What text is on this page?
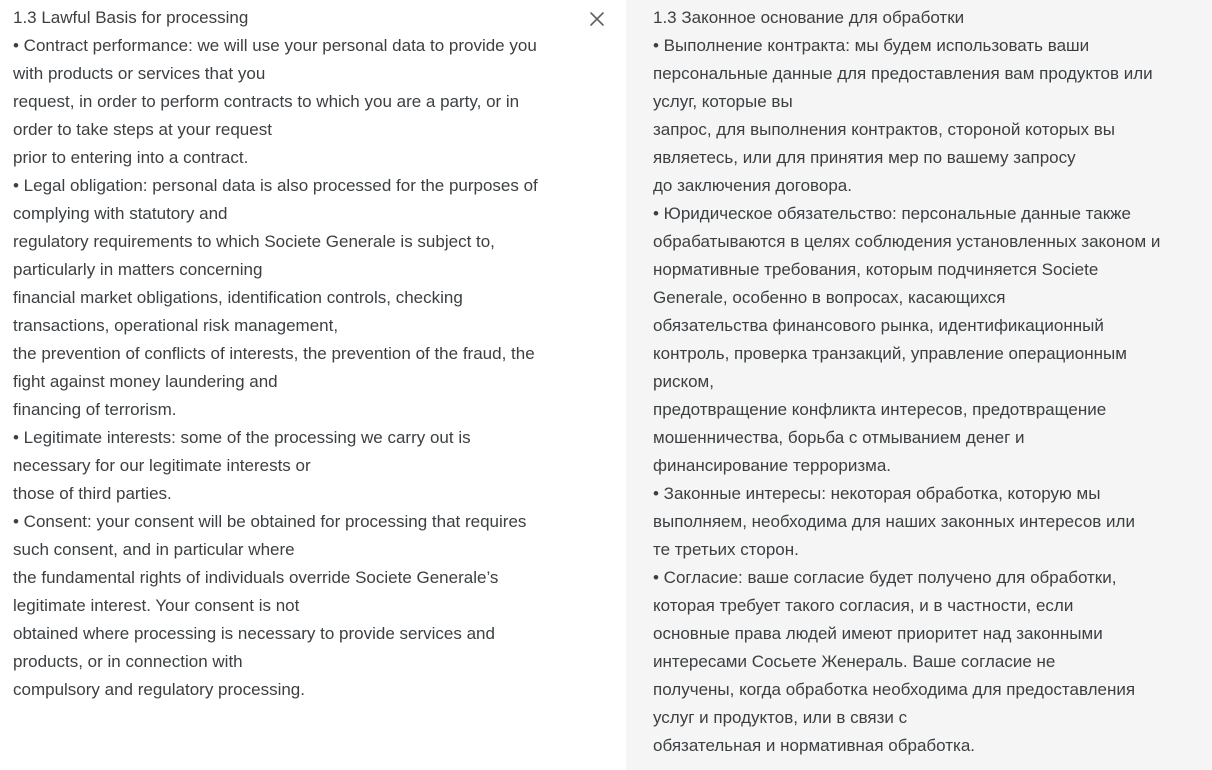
1.3 Lawful Basis for processing • Contract performance: we will use your personal data to provide you with products or services that you request, in order to perform contracts to which you are a party, or in order to take steps at your request prior to entering into a contract. • Legal obligation: personal data is also processed for the purposes of complying with statutory and regulatory requirements to which Societe Generale is subject to, particularly in matters concerning financial market obligations, identification controls, checking transactions, operational risk management, the prevention of conflicts of interests, the prevention of the fraud, the fight against money laundering and financing of terrorism. • Legitimate interests: some of the processing we carry out is necessary for our legitimate interests or those of third parties. • Consent: your consent will be obtained for processing that requires such consent, and in particular where the fundamental rights of individuals override Societe Generale’s legitimate interest. Your consent is not obtained where processing is necessary to provide services and products, or in connection with compulsory and regulatory processing.
1.3 Законное основание для обработки
• Выполнение контракта: мы будем использовать ваши
персональные данные для предоставления вам продуктов или
услуг, которые вы
запрос, для выполнения контрактов, стороной которых вы
являетесь, или для принятия мер по вашему запросу
до заключения договора.
• Юридическое обязательство: персональные данные также
обрабатываются в целях соблюдения установленных законом и
нормативные требования, которым подчиняется Societe
Generale, особенно в вопросах, касающихся
обязательства финансового рынка, идентификационный
контроль, проверка транзакций, управление операционным
риском,
предотвращение конфликта интересов, предотвращение
мошенничества, борьба с отмыванием денег и
финансирование терроризма.
• Законные интересы: некоторая обработка, которую мы
выполняем, необходима для наших законных интересов или
те третьих сторон.
• Согласие: ваше согласие будет получено для обработки,
которая требует такого согласия, и в частности, если
основные права людей имеют приоритет над законными
интересами Сосьете Женераль. Ваше согласие не
получены, когда обработка необходима для предоставления
услуг и продуктов, или в связи с
обязательная и нормативная обработка.
